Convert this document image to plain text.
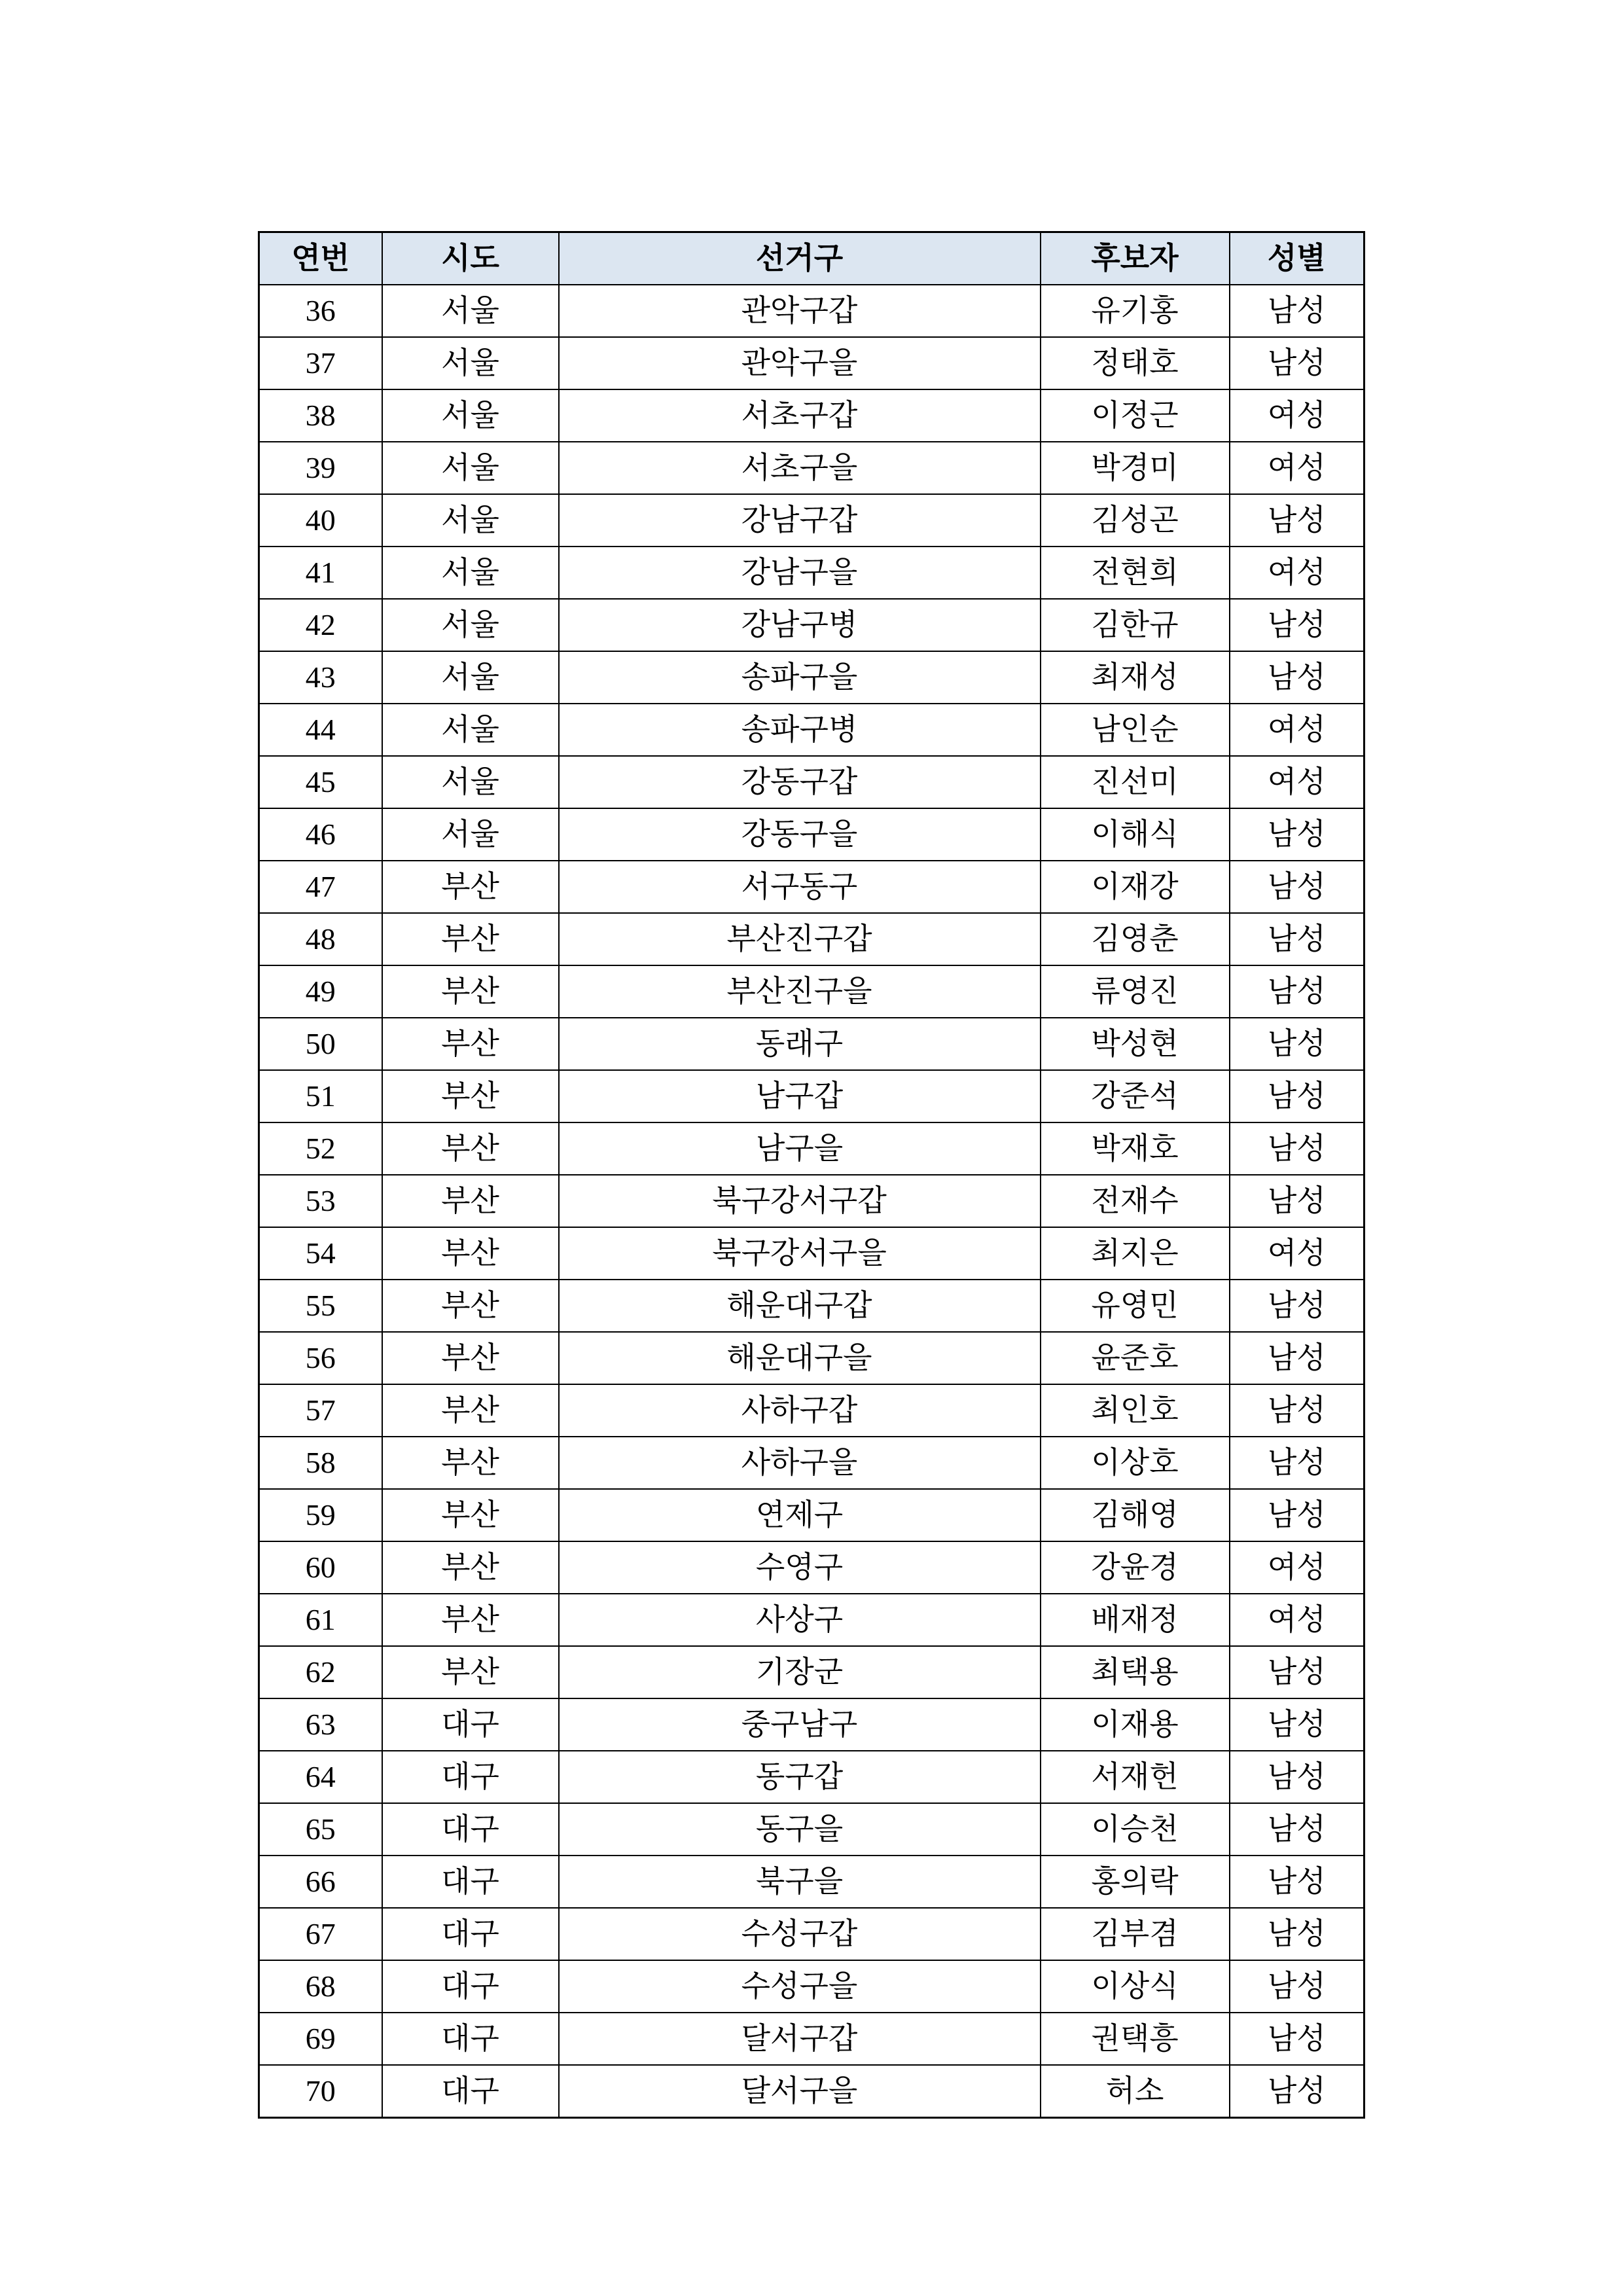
연번	시도	선거구	후보자	성별
36	서울	관악구갑	유기홍	남성
37	서울	관악구을	정태호	남성
38	서울	서초구갑	이정근	여성
39	서울	서초구을	박경미	여성
40	서울	강남구갑	김성곤	남성
41	서울	강남구을	전현희	여성
42	서울	강남구병	김한규	남성
43	서울	송파구을	최재성	남성
44	서울	송파구병	남인순	여성
45	서울	강동구갑	진선미	여성
46	서울	강동구을	이해식	남성
47	부산	서구동구	이재강	남성
48	부산	부산진구갑	김영춘	남성
49	부산	부산진구을	류영진	남성
50	부산	동래구	박성현	남성
51	부산	남구갑	강준석	남성
52	부산	남구을	박재호	남성
53	부산	북구강서구갑	전재수	남성
54	부산	북구강서구을	최지은	여성
55	부산	해운대구갑	유영민	남성
56	부산	해운대구을	윤준호	남성
57	부산	사하구갑	최인호	남성
58	부산	사하구을	이상호	남성
59	부산	연제구	김해영	남성
60	부산	수영구	강윤경	여성
61	부산	사상구	배재정	여성
62	부산	기장군	최택용	남성
63	대구	중구남구	이재용	남성
64	대구	동구갑	서재헌	남성
65	대구	동구을	이승천	남성
66	대구	북구을	홍의락	남성
67	대구	수성구갑	김부겸	남성
68	대구	수성구을	이상식	남성
69	대구	달서구갑	권택흥	남성
70	대구	달서구을	허소	남성
